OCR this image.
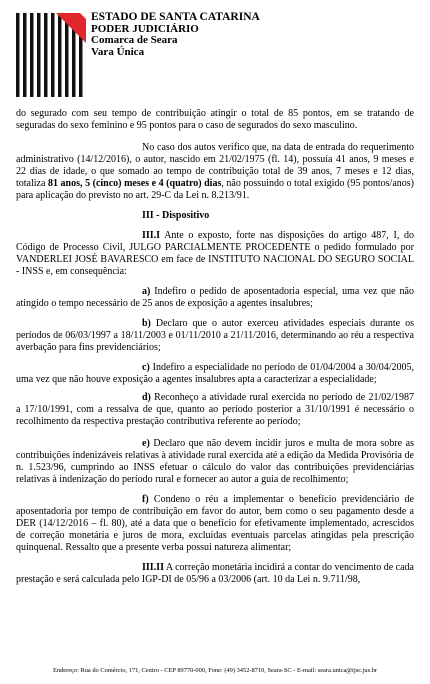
ESTADO DE SANTA CATARINA
PODER JUDICIÁRIO
Comarca de Seara
Vara Única

do segurado com seu tempo de contribuição atingir o total de 85 pontos, em se tratando de seguradas do sexo feminino e 95 pontos para o caso de segurados do sexo masculino.

No caso dos autos verifico que, na data de entrada do requerimento administrativo (14/12/2016), o autor, nascido em 21/02/1975 (fl. 14), possuía 41 anos, 9 meses e 22 dias de idade, o que somado ao tempo de contribuição total de 39 anos, 7 meses e 12 dias, totaliza 81 anos, 5 (cinco) meses e 4 (quatro) dias, não possuindo o total exigido (95 pontos/anos) para aplicação do previsto no art. 29-C da Lei n. 8.213/91.

III - Dispositivo

III.I Ante o exposto, forte nas disposições do artigo 487, I, do Código de Processo Civil, JULGO PARCIALMENTE PROCEDENTE o pedido formulado por VANDERLEI JOSÉ BAVARESCO em face de INSTITUTO NACIONAL DO SEGURO SOCIAL - INSS e, em consequência:

a) Indefiro o pedido de aposentadoria especial, uma vez que não atingido o tempo necessário de 25 anos de exposição a agentes insalubres;

b) Declaro que o autor exerceu atividades especiais durante os períodos de 06/03/1997 a 18/11/2003 e 01/11/2010 a 21/11/2016, determinando ao réu a respectiva averbação para fins previdenciários;

c) Indefiro a especialidade no período de 01/04/2004 a 30/04/2005, uma vez que não houve exposição a agentes insalubres apta a caracterizar a especialidade;

d) Reconheço a atividade rural exercida no período de 21/02/1987 a 17/10/1991, com a ressalva de que, quanto ao período posterior a 31/10/1991 é necessário o recolhimento da respectiva prestação contributiva referente ao período;

e) Declaro que não devem incidir juros e multa de mora sobre as contribuições indenizáveis relativas à atividade rural exercida até a edição da Medida Provisória de n. 1.523/96, cumprindo ao INSS efetuar o cálculo do valor das contribuições previdenciárias relativas à indenização do período rural e fornecer ao autor a guia de recolhimento;

f) Condeno o réu a implementar o benefício previdenciário de aposentadoria por tempo de contribuição em favor do autor, bem como o seu pagamento desde a DER (14/12/2016 – fl. 80), até a data que o benefício for efetivamente implementado, acrescidos de correção monetária e juros de mora, excluídas eventuais parcelas atingidas pela prescrição quinquenal. Ressalto que a presente verba possui natureza alimentar;

III.II A correção monetária incidirá a contar do vencimento de cada prestação e será calculada pelo IGP-DI de 05/96 a 03/2006 (art. 10 da Lei n. 9.711/98,

Endereço: Rua do Comércio, 171, Centro - CEP 89770-000, Fone: (49) 3452-8710, Seara-SC - E-mail: seara.unica@tjsc.jus.br
